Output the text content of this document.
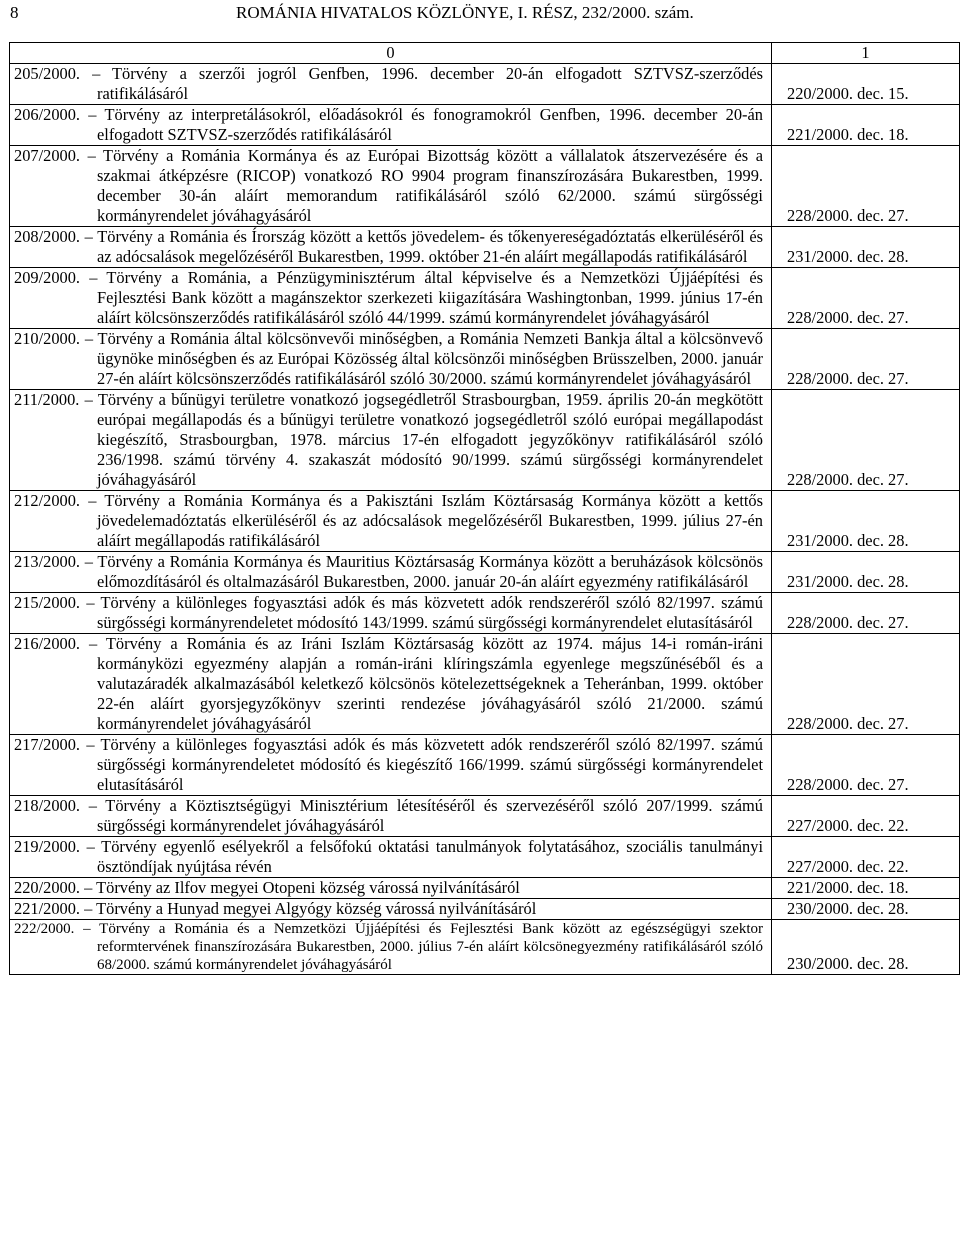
8	ROMÁNIA HIVATALOS KÖZLÖNYE, I. RÉSZ, 232/2000. szám.
0	1

205/2000. – Törvény a szerzői jogról Genfben, 1996. december 20-án elfogadott SZTVSZ-szerződés ratifikálásáról	220/2000. dec. 15.

206/2000. – Törvény az interpretálásokról, előadásokról és fonogramokról Genfben, 1996. december 20-án elfogadott SZTVSZ-szerződés ratifikálásáról	221/2000. dec. 18.

207/2000. – Törvény a Románia Kormánya és az Európai Bizottság között a vállalatok átszervezésére és a szakmai átképzésre (RICOP) vonatkozó RO 9904 program finanszírozására Bukarestben, 1999. december 30-án aláírt memorandum ratifikálásáról szóló 62/2000. számú sürgősségi kormányrendelet jóváhagyásáról	228/2000. dec. 27.

208/2000. – Törvény a Románia és Írország között a kettős jövedelem- és tőkenyereségadóztatás elkerüléséről és az adócsalások megelőzéséről Bukarestben, 1999. október 21-én aláírt megállapodás ratifikálásáról	231/2000. dec. 28.

209/2000. – Törvény a Románia, a Pénzügyminisztérum által képviselve és a Nemzetközi Újjáépítési és Fejlesztési Bank között a magánszektor szerkezeti kiigazítására Washingtonban, 1999. június 17-én aláírt kölcsönszerződés ratifikálásáról szóló 44/1999. számú kormányrendelet jóváhagyásáról	228/2000. dec. 27.

210/2000. – Törvény a Románia által kölcsönvevői minőségben, a Románia Nemzeti Bankja által a kölcsönvevő ügynöke minőségben és az Európai Közösség által kölcsönzői minőségben Brüsszelben, 2000. január 27-én aláírt kölcsönszerződés ratifikálásáról szóló 30/2000. számú kormányrendelet jóváhagyásáról	228/2000. dec. 27.

211/2000. – Törvény a bűnügyi területre vonatkozó jogsegédletről Strasbourgban, 1959. április 20-án megkötött európai megállapodás és a bűnügyi területre vonatkozó jogsegédletről szóló európai megállapodást kiegészítő, Strasbourgban, 1978. március 17-én elfogadott jegyzőkönyv ratifikálásáról szóló 236/1998. számú törvény 4. szakaszát módosító 90/1999. számú sürgősségi kormányrendelet jóváhagyásáról	228/2000. dec. 27.

212/2000. – Törvény a Románia Kormánya és a Pakisztáni Iszlám Köztársaság Kormánya között a kettős jövedelemadóztatás elkerüléséről és az adócsalások megelőzéséről Bukarestben, 1999. július 27-én aláírt megállapodás ratifikálásáról	231/2000. dec. 28.

213/2000. – Törvény a Románia Kormánya és Mauritius Köztársaság Kormánya között a beruházások kölcsönös előmozdításáról és oltalmazásáról Bukarestben, 2000. január 20-án aláírt egyezmény ratifikálásáról	231/2000. dec. 28.

215/2000. – Törvény a különleges fogyasztási adók és más közvetett adók rendszeréről szóló 82/1997. számú sürgősségi kormányrendeletet módosító 143/1999. számú sürgősségi kormányrendelet elutasításáról	228/2000. dec. 27.

216/2000. – Törvény a Románia és az Iráni Iszlám Köztársaság között az 1974. május 14-i román-iráni kormányközi egyezmény alapján a román-iráni klíringszámla egyenlege megszűnéséből és a valutazáradék alkalmazásából keletkező kölcsönös kötelezettségeknek a Teheránban, 1999. október 22-én aláírt gyorsjegyzőkönyv szerinti rendezése jóváhagyásáról szóló 21/2000. számú kormányrendelet jóváhagyásáról	228/2000. dec. 27.

217/2000. – Törvény a különleges fogyasztási adók és más közvetett adók rendszeréről szóló 82/1997. számú sürgősségi kormányrendeletet módosító és kiegészítő 166/1999. számú sürgősségi kormányrendelet elutasításáról	228/2000. dec. 27.

218/2000. – Törvény a Köztisztségügyi Minisztérium létesítéséről és szervezéséről szóló 207/1999. számú sürgősségi kormányrendelet jóváhagyásáról	227/2000. dec. 22.

219/2000. – Törvény egyenlő esélyekről a felsőfokú oktatási tanulmányok folytatásához, szociális tanulmányi ösztöndíjak nyújtása révén	227/2000. dec. 22.

220/2000. – Törvény az Ilfov megyei Otopeni község várossá nyilvánításáról	221/2000. dec. 18.

221/2000. – Törvény a Hunyad megyei Algyógy község várossá nyilvánításáról	230/2000. dec. 28.

222/2000. – Törvény a Románia és a Nemzetközi Újjáépítési és Fejlesztési Bank között az egészségügyi szektor reformtervének finanszírozására Bukarestben, 2000. július 7-én aláírt kölcsönegyezmény ratifikálásáról szóló 68/2000. számú kormányrendelet jóváhagyásáról	230/2000. dec. 28.
